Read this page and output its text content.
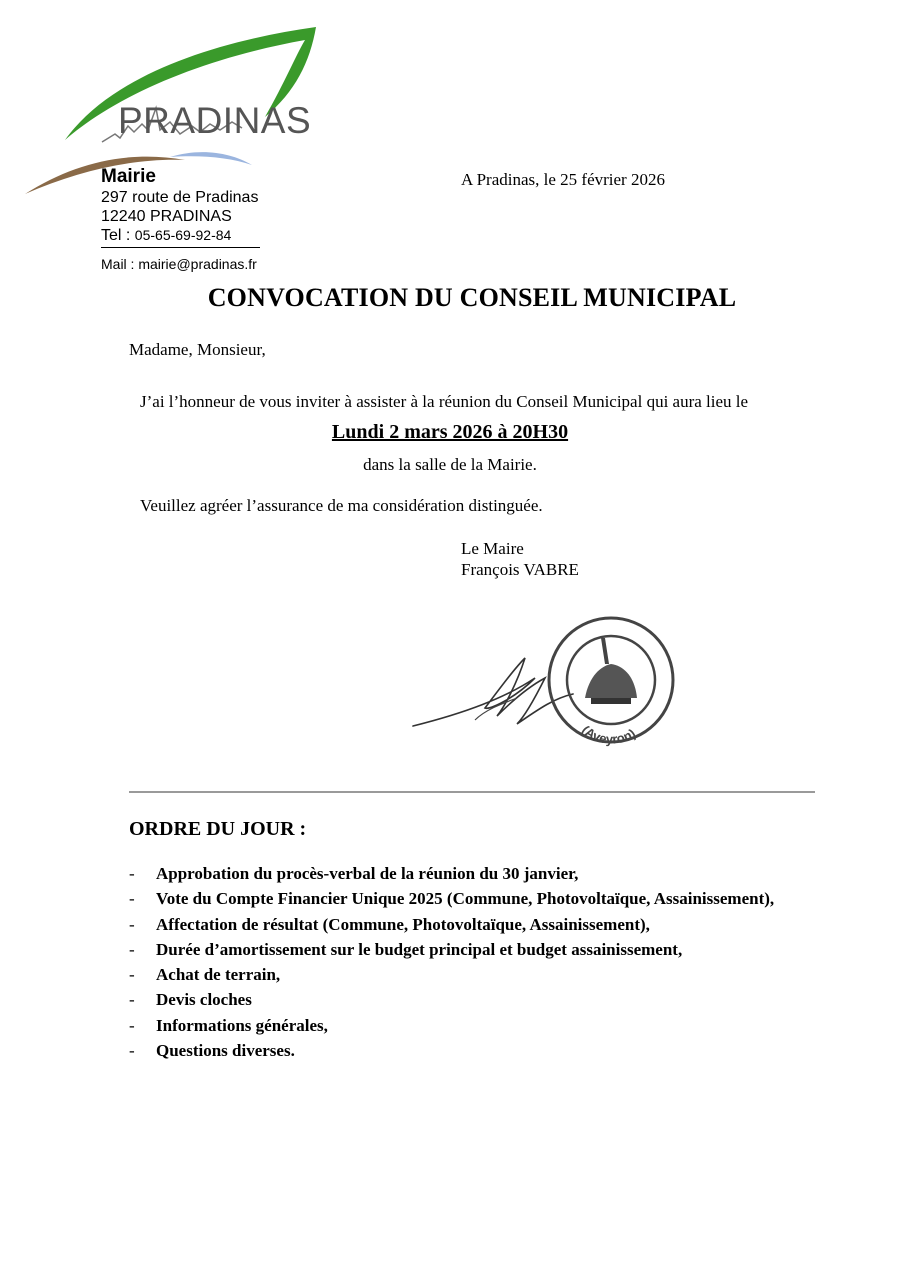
PRADINAS
Mairie
297 route de Pradinas
12240 PRADINAS
Tel : 05-65-69-92-84
Mail : mairie@pradinas.fr
A Pradinas, le 25 février 2026
CONVOCATION DU CONSEIL MUNICIPAL
Madame, Monsieur,
J’ai l’honneur de vous inviter à assister à la réunion du Conseil Municipal qui aura lieu le
Lundi 2 mars 2026 à 20H30
dans la salle de la Mairie.
Veuillez agréer l’assurance de ma considération distinguée.
Le Maire
François VABRE
(Aveyron)
ORDRE DU JOUR :
- Approbation du procès-verbal de la réunion du 30 janvier,
- Vote du Compte Financier Unique 2025 (Commune, Photovoltaïque, Assainissement),
- Affectation de résultat (Commune, Photovoltaïque, Assainissement),
- Durée d’amortissement sur le budget principal et budget assainissement,
- Achat de terrain,
- Devis cloches
- Informations générales,
- Questions diverses.
